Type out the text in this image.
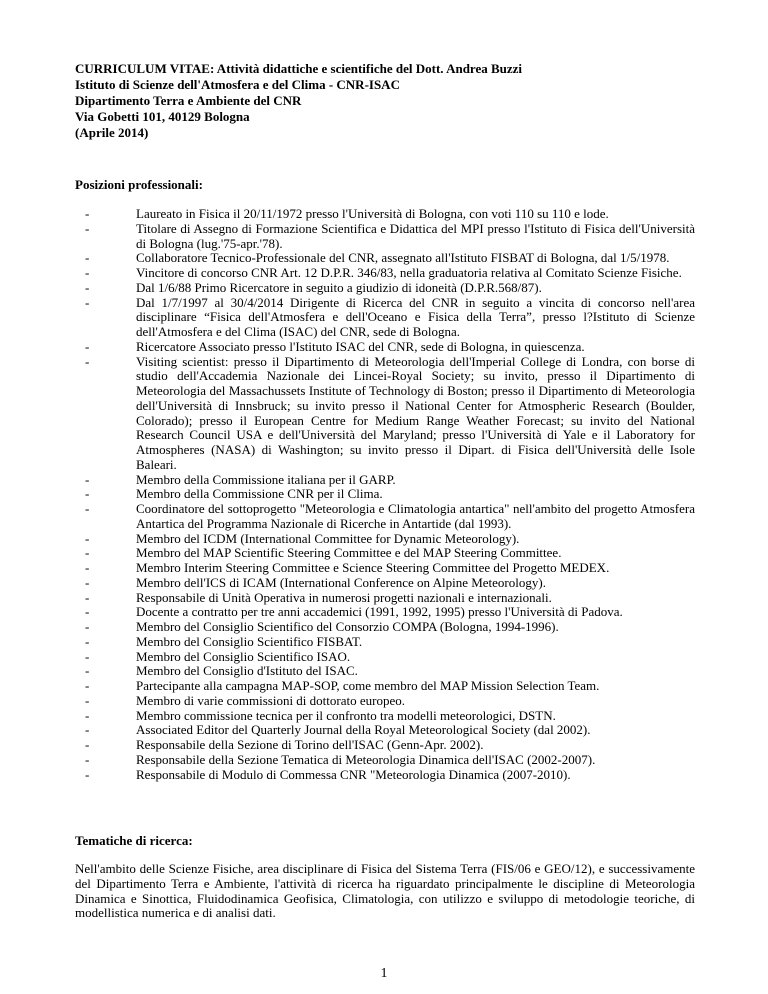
CURRICULUM VITAE: Attività didattiche e scientifiche del Dott. Andrea Buzzi
Istituto di Scienze dell'Atmosfera e del Clima - CNR-ISAC
Dipartimento Terra e Ambiente del CNR
Via Gobetti 101, 40129 Bologna
(Aprile 2014)
Posizioni professionali:
-	Laureato in Fisica il 20/11/1972 presso l'Università di Bologna, con voti 110 su 110 e lode.
-	Titolare di Assegno di Formazione Scientifica e Didattica del MPI presso l'Istituto di Fisica dell'Università di Bologna (lug.'75-apr.'78).
-	Collaboratore Tecnico-Professionale del CNR, assegnato all'Istituto FISBAT di Bologna, dal 1/5/1978.
-	Vincitore di concorso CNR Art. 12 D.P.R. 346/83, nella graduatoria relativa al Comitato Scienze Fisiche.
-	Dal 1/6/88 Primo Ricercatore in seguito a giudizio di idoneità (D.P.R.568/87).
-	Dal 1/7/1997 al 30/4/2014 Dirigente di Ricerca del CNR in seguito a vincita di concorso nell'area disciplinare “Fisica dell'Atmosfera e dell'Oceano e Fisica della Terra”, presso l?Istituto di Scienze dell'Atmosfera e del Clima (ISAC) del CNR, sede di Bologna.
-	Ricercatore Associato presso l'Istituto ISAC del CNR, sede di Bologna, in quiescenza.
-	Visiting scientist: presso il Dipartimento di Meteorologia dell'Imperial College di Londra, con borse di studio dell'Accademia Nazionale dei Lincei-Royal Society; su invito, presso il Dipartimento di Meteorologia del Massachussets Institute of Technology di Boston; presso il Dipartimento di Meteorologia dell'Università di Innsbruck; su invito presso il National Center for Atmospheric Research (Boulder, Colorado); presso il European Centre for Medium Range Weather Forecast; su invito del National Research Council USA e dell'Università del Maryland; presso l'Università di Yale e il Laboratory for Atmospheres (NASA) di Washington; su invito presso il Dipart. di Fisica dell'Università delle Isole Baleari.
-	Membro della Commissione italiana per il GARP.
-	Membro della Commissione CNR per il Clima.
-	Coordinatore del sottoprogetto "Meteorologia e Climatologia antartica" nell'ambito del progetto Atmosfera Antartica del Programma Nazionale di Ricerche in Antartide (dal 1993).
-	Membro del ICDM (International Committee for Dynamic Meteorology).
-	Membro del MAP Scientific Steering Committee e del MAP Steering Committee.
-	Membro Interim Steering Committee e Science Steering Committee del Progetto MEDEX.
-	Membro dell'ICS di ICAM (International Conference on Alpine Meteorology).
-	Responsabile di Unità Operativa in numerosi progetti nazionali e internazionali.
-	Docente a contratto per tre anni accademici (1991, 1992, 1995) presso l'Università di Padova.
-	Membro del Consiglio Scientifico del Consorzio COMPA (Bologna, 1994-1996).
-	Membro del Consiglio Scientifico FISBAT.
-	Membro del Consiglio Scientifico ISAO.
-	Membro del Consiglio d'Istituto del ISAC.
-	Partecipante alla campagna MAP-SOP, come membro del MAP Mission Selection Team.
-	Membro di varie commissioni di dottorato europeo.
-	Membro commissione tecnica per il confronto tra modelli meteorologici, DSTN.
-	Associated Editor del Quarterly Journal della Royal Meteorological Society (dal 2002).
-	Responsabile della Sezione di Torino dell'ISAC (Genn-Apr. 2002).
-	Responsabile della Sezione Tematica di Meteorologia Dinamica dell'ISAC (2002-2007).
-	Responsabile di Modulo di Commessa CNR "Meteorologia Dinamica (2007-2010).
Tematiche di ricerca:
Nell'ambito delle Scienze Fisiche, area disciplinare di Fisica del Sistema Terra (FIS/06 e GEO/12), e successivamente del Dipartimento Terra e Ambiente, l'attività di ricerca ha riguardato principalmente le discipline di Meteorologia Dinamica e Sinottica, Fluidodinamica Geofisica, Climatologia, con utilizzo e sviluppo di metodologie teoriche, di modellistica numerica e di analisi dati.
1
